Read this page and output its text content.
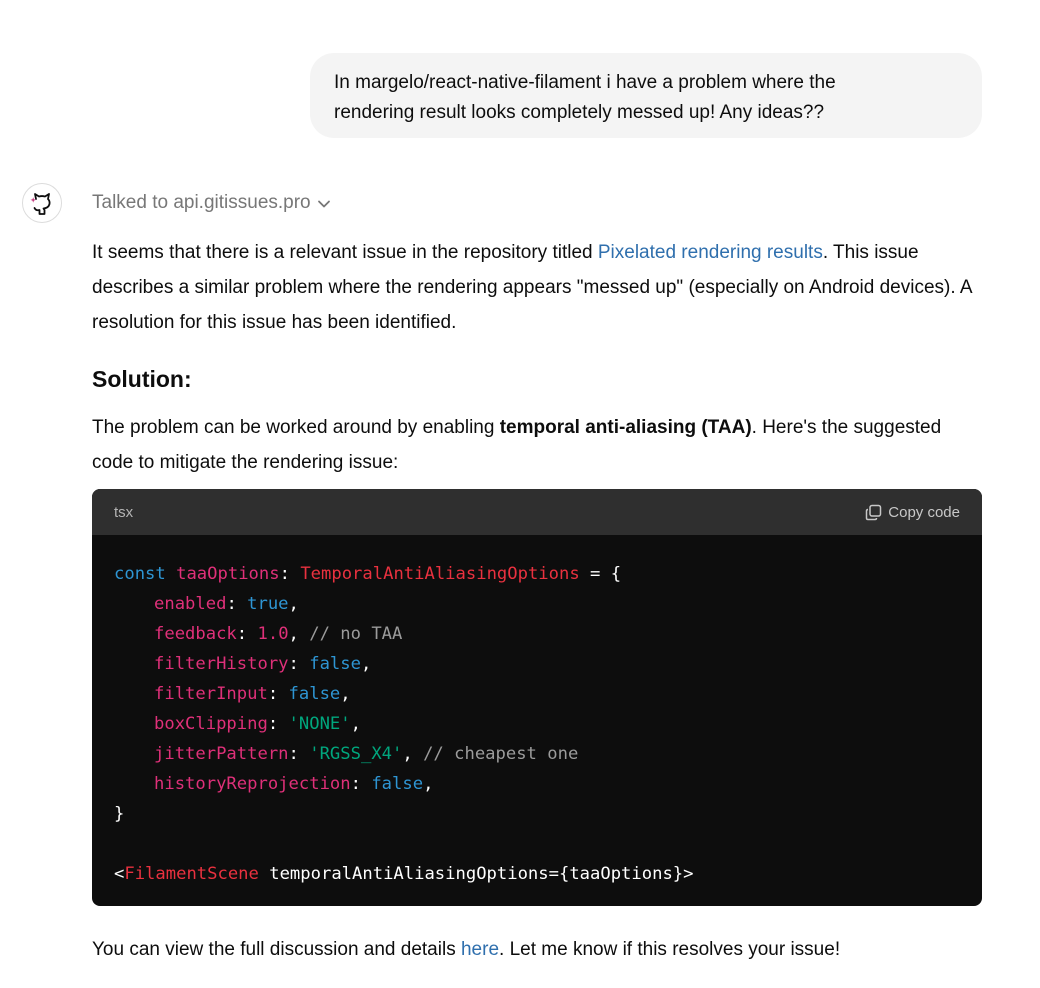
In margelo/react-native-filament i have a problem where the
rendering result looks completely messed up! Any ideas??
Talked to api.gitissues.pro

It seems that there is a relevant issue in the repository titled Pixelated rendering results. This issue describes a similar problem where the rendering appears "messed up" (especially on Android devices). A resolution for this issue has been identified.

Solution:

The problem can be worked around by enabling temporal anti-aliasing (TAA). Here's the suggested code to mitigate the rendering issue:

tsx	Copy code
const taaOptions: TemporalAntiAliasingOptions = {
enabled: true,
feedback: 1.0, // no TAA
filterHistory: false,
filterInput: false,
boxClipping: 'NONE',
jitterPattern: 'RGSS_X4', // cheapest one
historyReprojection: false,
}
<FilamentScene temporalAntiAliasingOptions={taaOptions}>

You can view the full discussion and details here. Let me know if this resolves your issue!
